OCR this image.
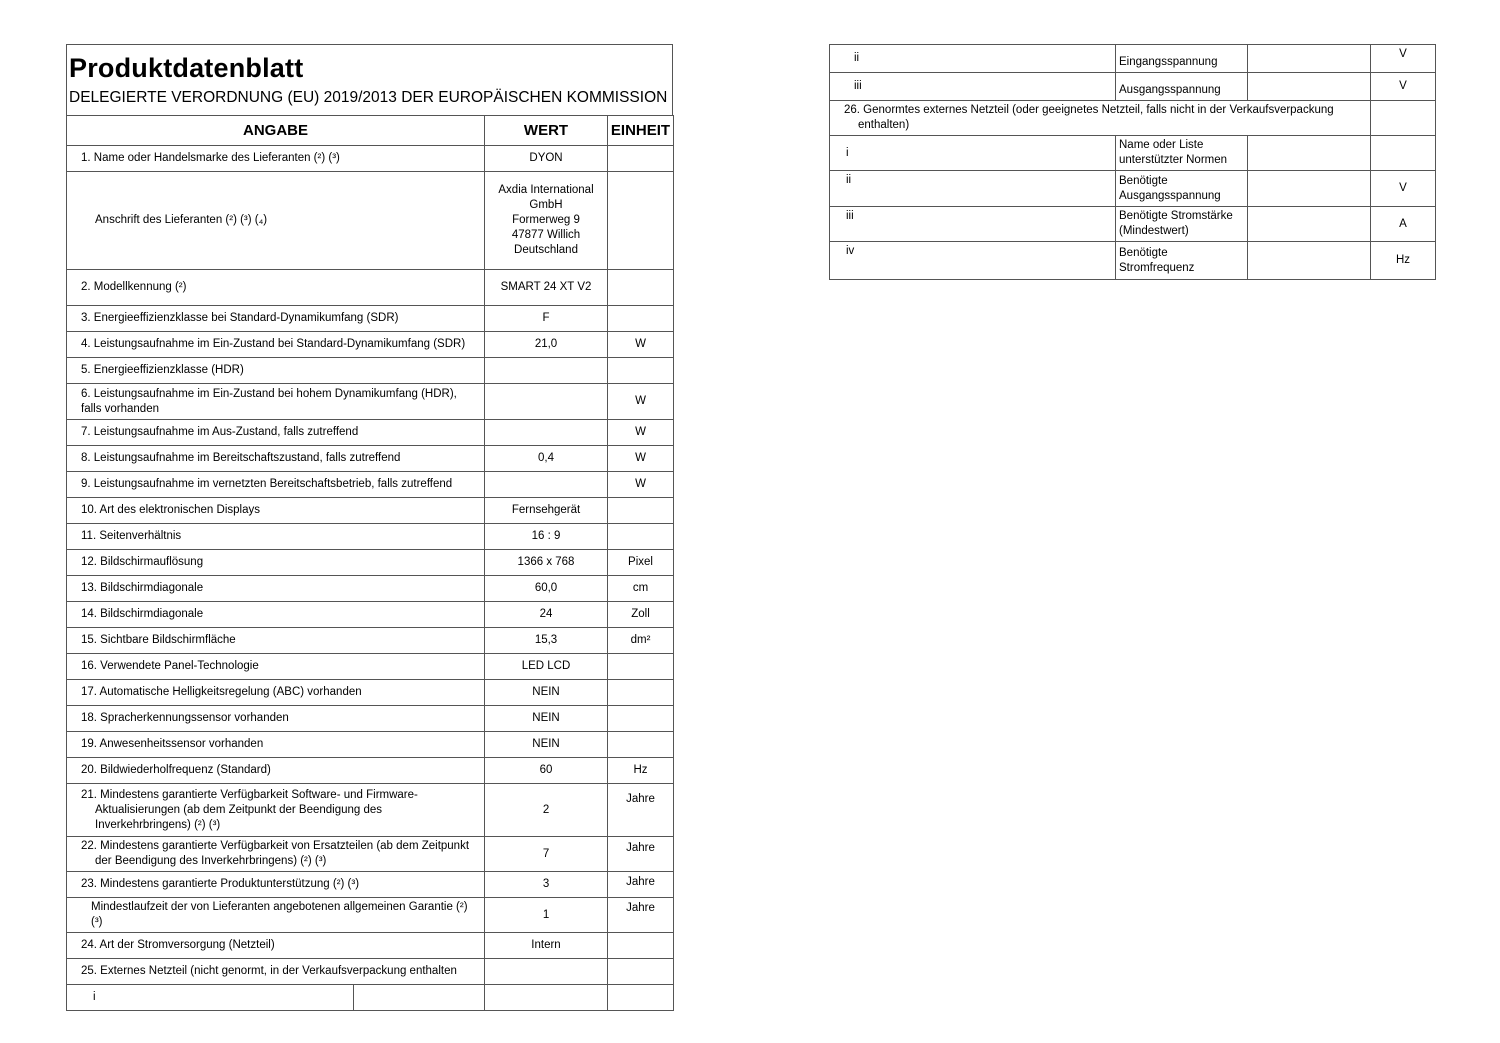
Produktdatenblatt
DELEGIERTE VERORDNUNG (EU) 2019/2013 DER EUROPÄISCHEN KOMMISSION
ANGABE		WERT	EINHEIT
1. Name oder Handelsmarke des Lieferanten (²) (³)		DYON	
Anschrift des Lieferanten (²) (³) (₄)		Axdia International
GmbH
Formerweg 9
47877 Willich
Deutschland	

2. Modellkennung (²)		SMART 24 XT V2	
3. Energieeffizienzklasse bei Standard-Dynamikumfang (SDR)		F	
4. Leistungsaufnahme im Ein-Zustand bei Standard-Dynamikumfang (SDR)		21,0	W
5. Energieeffizienzklasse (HDR)			
6. Leistungsaufnahme im Ein-Zustand bei hohem Dynamikumfang (HDR), falls vorhanden			W
7. Leistungsaufnahme im Aus-Zustand, falls zutreffend			W
8. Leistungsaufnahme im Bereitschaftszustand, falls zutreffend		0,4	W
9. Leistungsaufnahme im vernetzten Bereitschaftsbetrieb, falls zutreffend			W
10. Art des elektronischen Displays		Fernsehgerät	
11. Seitenverhältnis		16 : 9	
12. Bildschirmauflösung		1366 x 768	Pixel
13. Bildschirmdiagonale		60,0	cm
14. Bildschirmdiagonale		24	Zoll
15. Sichtbare Bildschirmfläche		15,3	dm²
16. Verwendete Panel-Technologie		LED LCD	
17. Automatische Helligkeitsregelung (ABC) vorhanden		NEIN	
18. Spracherkennungssensor vorhanden		NEIN	
19. Anwesenheitssensor vorhanden		NEIN	
20. Bildwiederholfrequenz (Standard)		60	Hz

21. Mindestens garantierte Verfügbarkeit Software- und Firmware-Aktualisierungen (ab dem Zeitpunkt der Beendigung des Inverkehrbringens) (²) (³)		2	Jahre

22. Mindestens garantierte Verfügbarkeit von Ersatzteilen (ab dem Zeitpunkt der Beendigung des Inverkehrbringens) (²) (³)		7	Jahre
23. Mindestens garantierte Produktunterstützung (²) (³)		3	Jahre
Mindestlaufzeit der von Lieferanten angebotenen allgemeinen Garantie (²) (³)		1	Jahre
24. Art der Stromversorgung (Netzteil)		Intern	
25. Externes Netzteil (nicht genormt, in der Verkaufsverpackung enthalten			
i			
ii	Eingangsspannung		V
iii	Ausgangsspannung		V

26. Genormtes externes Netzteil (oder geeignetes Netzteil, falls nicht in der Verkaufsverpackung enthalten)			

i	Name oder Liste unterstützter Normen		
ii	Benötigte Ausgangsspannung		V
iii	Benötigte Stromstärke (Mindestwert)		A
iv	Benötigte Stromfrequenz		Hz
